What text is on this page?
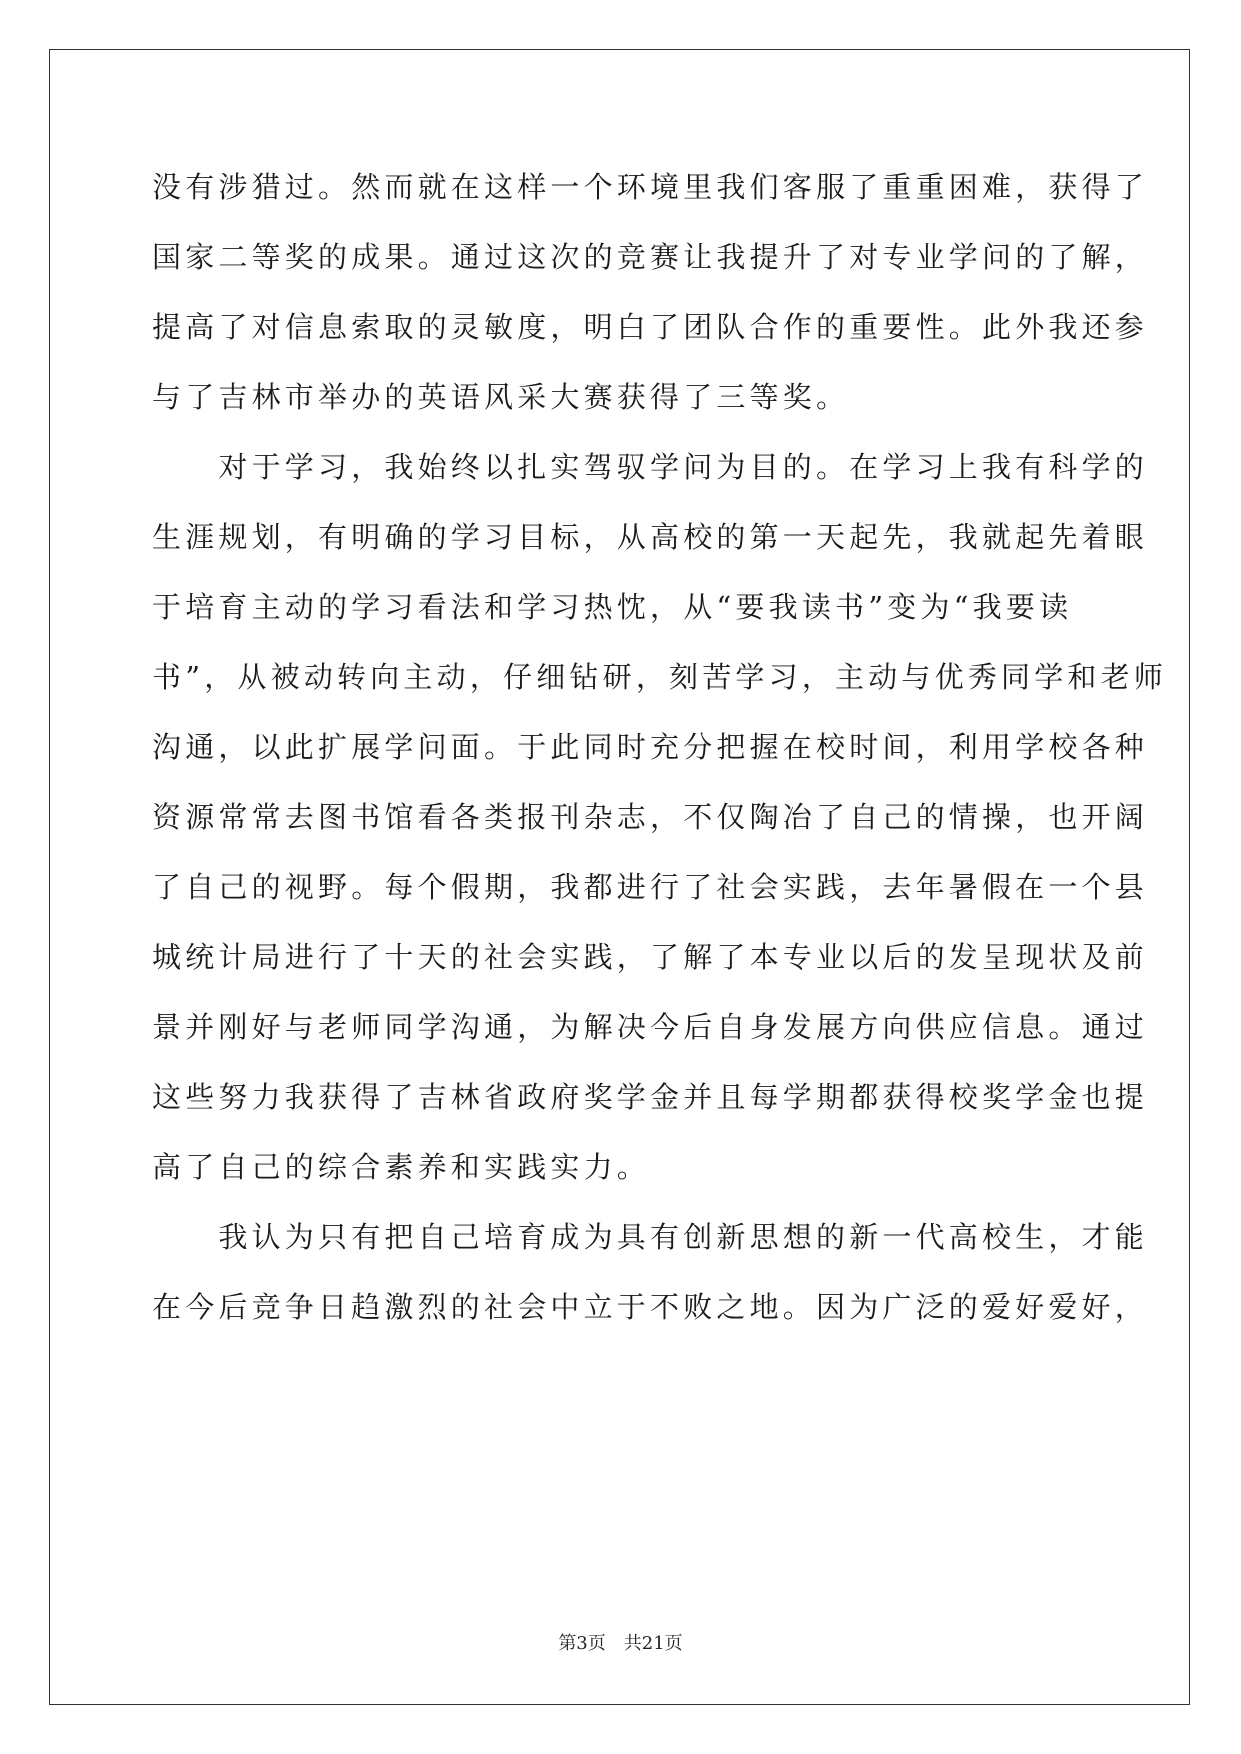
没有涉猎过。然而就在这样一个环境里我们客服了重重困难，获得了
国家二等奖的成果。通过这次的竞赛让我提升了对专业学问的了解，
提高了对信息索取的灵敏度，明白了团队合作的重要性。此外我还参
与了吉林市举办的英语风采大赛获得了三等奖。
　　对于学习，我始终以扎实驾驭学问为目的。在学习上我有科学的
生涯规划，有明确的学习目标，从高校的第一天起先，我就起先着眼
于培育主动的学习看法和学习热忱，从“要我读书”变为“我要读
书”，从被动转向主动，仔细钻研，刻苦学习，主动与优秀同学和老师
沟通，以此扩展学问面。于此同时充分把握在校时间，利用学校各种
资源常常去图书馆看各类报刊杂志，不仅陶冶了自己的情操，也开阔
了自己的视野。每个假期，我都进行了社会实践，去年暑假在一个县
城统计局进行了十天的社会实践，了解了本专业以后的发呈现状及前
景并刚好与老师同学沟通，为解决今后自身发展方向供应信息。通过
这些努力我获得了吉林省政府奖学金并且每学期都获得校奖学金也提
高了自己的综合素养和实践实力。
　　我认为只有把自己培育成为具有创新思想的新一代高校生，才能
在今后竞争日趋激烈的社会中立于不败之地。因为广泛的爱好爱好，
第3页 共21页
